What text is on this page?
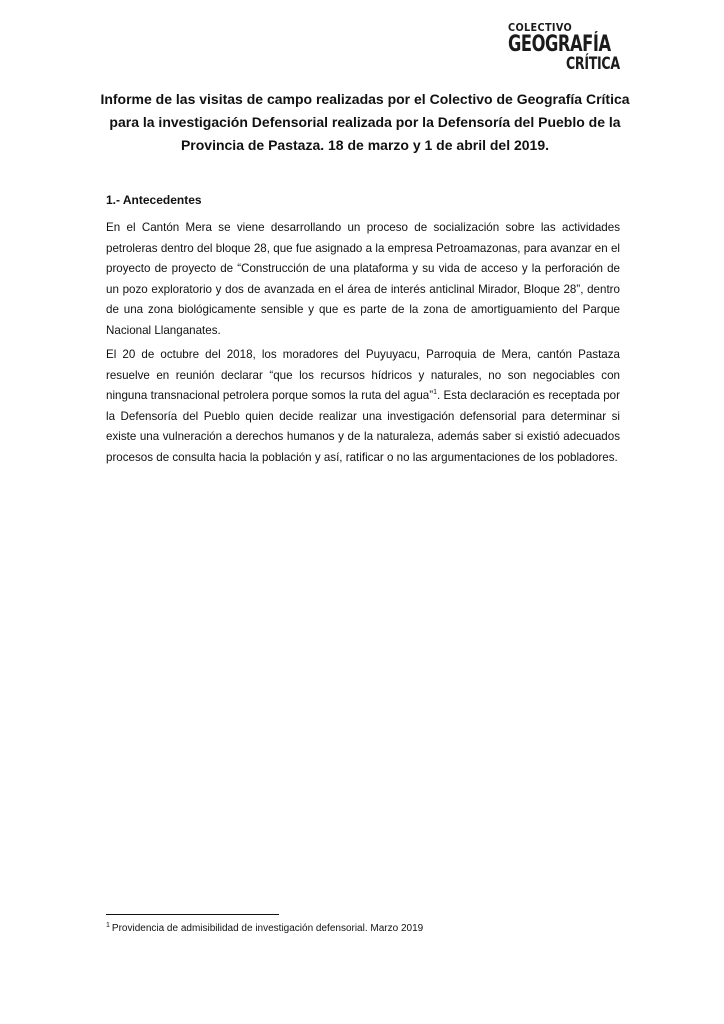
COLECTIVO
GEOGRAFÍA
CRÍTICA
Informe de las visitas de campo realizadas por el Colectivo de Geografía Crítica para la investigación Defensorial realizada por la Defensoría del Pueblo de la Provincia de Pastaza. 18 de marzo y 1 de abril del 2019.
1.- Antecedentes

En el Cantón Mera se viene desarrollando un proceso de socialización sobre las actividades petroleras dentro del bloque 28, que fue asignado a la empresa Petroamazonas, para avanzar en el proyecto de proyecto de “Construcción de una plataforma y su vida de acceso y la perforación de un pozo exploratorio y dos de avanzada en el área de interés anticlinal Mirador, Bloque 28”, dentro de una zona biológicamente sensible y que es parte de la zona de amortiguamiento del Parque Nacional Llanganates.

El 20 de octubre del 2018, los moradores del Puyuyacu, Parroquia de Mera, cantón Pastaza resuelve en reunión declarar “que los recursos hídricos y naturales, no son negociables con ninguna transnacional petrolera porque somos la ruta del agua”$^1$. Esta declaración es receptada por la Defensoría del Pueblo quien decide realizar una investigación defensorial para determinar si existe una vulneración a derechos humanos y de la naturaleza, además saber si existió adecuados procesos de consulta hacia la población y así, ratificar o no las argumentaciones de los pobladores.

$^1$ Providencia de admisibilidad de investigación defensorial. Marzo 2019
